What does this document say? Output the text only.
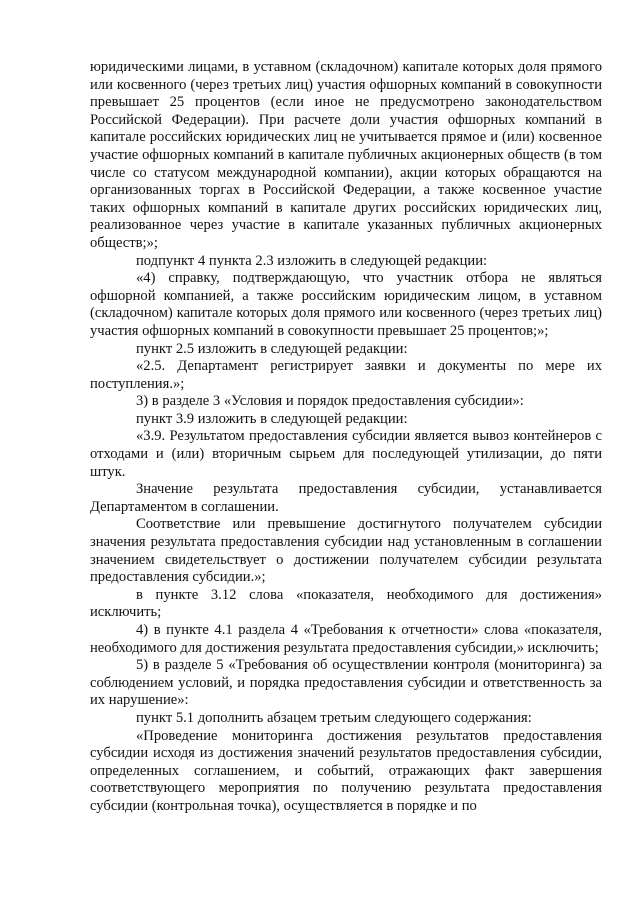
юридическими лицами, в уставном (складочном) капитале которых доля прямого или косвенного (через третьих лиц) участия офшорных компаний в совокупности превышает 25 процентов (если иное не предусмотрено законодательством Российской Федерации). При расчете доли участия офшорных компаний в капитале российских юридических лиц не учитывается прямое и (или) косвенное участие офшорных компаний в капитале публичных акционерных обществ (в том числе со статусом международной компании), акции которых обращаются на организованных торгах в Российской Федерации, а также косвенное участие таких офшорных компаний в капитале других российских юридических лиц, реализованное через участие в капитале указанных публичных акционерных обществ;»;

подпункт 4 пункта 2.3 изложить в следующей редакции:

«4) справку, подтверждающую, что участник отбора не являться офшорной компанией, а также российским юридическим лицом, в уставном (складочном) капитале которых доля прямого или косвенного (через третьих лиц) участия офшорных компаний в совокупности превышает 25 процентов;»;

пункт 2.5 изложить в следующей редакции:

«2.5. Департамент регистрирует заявки и документы по мере их поступления.»;

3) в разделе 3 «Условия и порядок предоставления субсидии»:

пункт 3.9 изложить в следующей редакции:

«3.9. Результатом предоставления субсидии является вывоз контейнеров с отходами и (или) вторичным сырьем для последующей утилизации, до пяти штук.

Значение результата предоставления субсидии, устанавливается Департаментом в соглашении.

Соответствие или превышение достигнутого получателем субсидии значения результата предоставления субсидии над установленным в соглашении значением свидетельствует о достижении получателем субсидии результата предоставления субсидии.»;

в пункте 3.12 слова «показателя, необходимого для достижения» исключить;

4) в пункте 4.1 раздела 4 «Требования к отчетности» слова «показателя, необходимого для достижения результата предоставления субсидии,» исключить;

5) в разделе 5 «Требования об осуществлении контроля (мониторинга) за соблюдением условий, и порядка предоставления субсидии и ответственность за их нарушение»:

пункт 5.1 дополнить абзацем третьим следующего содержания:

«Проведение мониторинга достижения результатов предоставления субсидии исходя из достижения значений результатов предоставления субсидии, определенных соглашением, и событий, отражающих факт завершения соответствующего мероприятия по получению результата предоставления субсидии (контрольная точка), осуществляется в порядке и по
